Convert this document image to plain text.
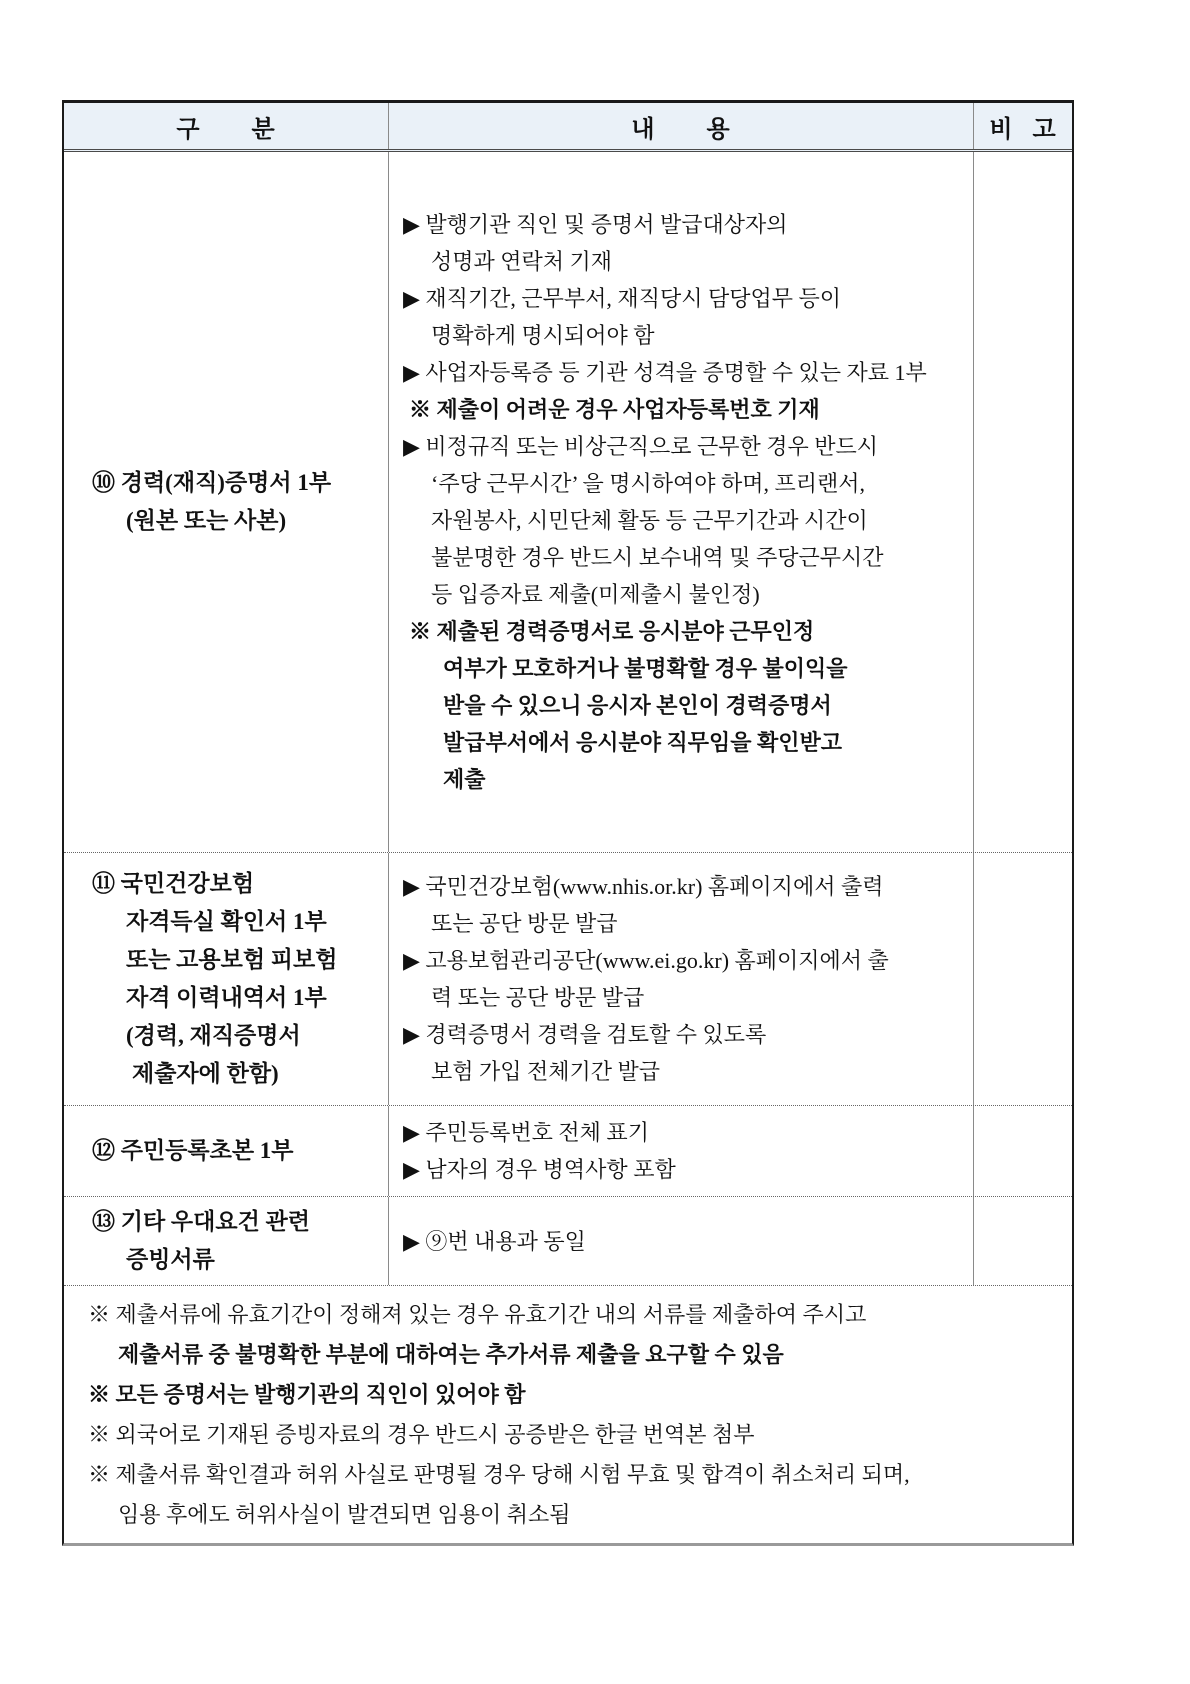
구 분	내 용	비 고
⑩ 경력(재직)증명서 1부
(원본 또는 사본)
▶ 발행기관 직인 및 증명서 발급대상자의
성명과 연락처 기재
▶ 재직기간, 근무부서, 재직당시 담당업무 등이
명확하게 명시되어야 함
▶ 사업자등록증 등 기관 성격을 증명할 수 있는 자료 1부
※ 제출이 어려운 경우 사업자등록번호 기재
▶ 비정규직 또는 비상근직으로 근무한 경우 반드시
‘주당 근무시간’ 을 명시하여야 하며, 프리랜서,
자원봉사, 시민단체 활동 등 근무기간과 시간이
불분명한 경우 반드시 보수내역 및 주당근무시간
등 입증자료 제출(미제출시 불인정)
※ 제출된 경력증명서로 응시분야 근무인정
여부가 모호하거나 불명확할 경우 불이익을
받을 수 있으니 응시자 본인이 경력증명서
발급부서에서 응시분야 직무임을 확인받고
제출
⑪ 국민건강보험
자격득실 확인서 1부
또는 고용보험 피보험
자격 이력내역서 1부
(경력, 재직증명서
제출자에 한함)
▶ 국민건강보험(www.nhis.or.kr) 홈페이지에서 출력
또는 공단 방문 발급
▶ 고용보험관리공단(www.ei.go.kr) 홈페이지에서 출
력 또는 공단 방문 발급
▶ 경력증명서 경력을 검토할 수 있도록
보험 가입 전체기간 발급
⑫ 주민등록초본 1부
▶ 주민등록번호 전체 표기
▶ 남자의 경우 병역사항 포함
⑬ 기타 우대요건 관련
증빙서류
▶ ⑨번 내용과 동일
※ 제출서류에 유효기간이 정해져 있는 경우 유효기간 내의 서류를 제출하여 주시고
제출서류 중 불명확한 부분에 대하여는 추가서류 제출을 요구할 수 있음
※ 모든 증명서는 발행기관의 직인이 있어야 함
※ 외국어로 기재된 증빙자료의 경우 반드시 공증받은 한글 번역본 첨부
※ 제출서류 확인결과 허위 사실로 판명될 경우 당해 시험 무효 및 합격이 취소처리 되며,
임용 후에도 허위사실이 발견되면 임용이 취소됨
